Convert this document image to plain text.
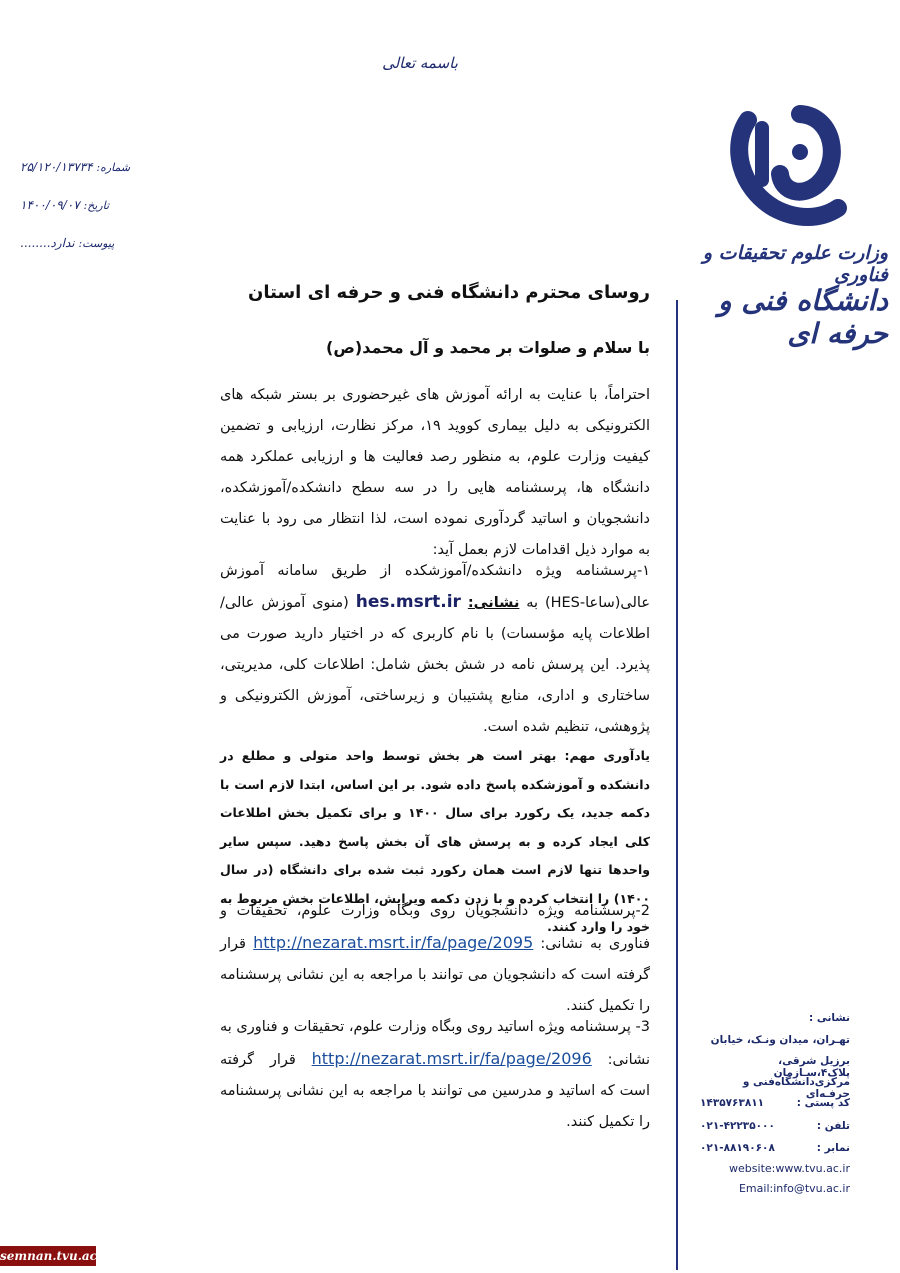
باسمه تعالی
شماره: ۲۵/۱۲۰/۱۳۷۳۴
تاریخ: ۱۴۰۰/۰۹/۰۷
پیوست: ندارد........	وزارت علوم تحقیقات و فناوری
دانشگاه فنی و حرفه ای
روسای محترم دانشگاه فنی و حرفه ای استان
با سلام و صلوات بر محمد و آل محمد(ص)
احتراماً، با عنایت به ارائه آموزش های غیرحضوری بر بستر شبکه های الکترونیکی به دلیل بیماری کووید ۱۹، مرکز نظارت، ارزیابی و تضمین کیفیت وزارت علوم، به منظور رصد فعالیت ها و ارزیابی عملکرد همه دانشگاه ها، پرسشنامه هایی را در سه سطح دانشکده/آموزشکده، دانشجویان و اساتید گردآوری نموده است، لذا انتظار می رود با عنایت به موارد ذیل اقدامات لازم بعمل آید:
۱-پرسشنامه ویژه دانشکده/آموزشکده از طریق سامانه آموزش عالی(ساعا-HES) به نشانی: hes.msrt.ir (منوی آموزش عالی/ اطلاعات پایه مؤسسات) با نام کاربری که در اختیار دارید صورت می پذیرد. این پرسش نامه در شش بخش شامل: اطلاعات کلی، مدیریتی، ساختاری و اداری، منابع پشتیبان و زیرساختی، آموزش الکترونیکی و پژوهشی، تنظیم شده است.
یادآوری مهم: بهتر است هر بخش توسط واحد متولی و مطلع در دانشکده و آموزشکده پاسخ داده شود. بر این اساس، ابتدا لازم است با دکمه جدید، یک رکورد برای سال ۱۴۰۰ و برای تکمیل بخش اطلاعات کلی ایجاد کرده و به پرسش های آن بخش پاسخ دهید. سپس سایر واحدها تنها لازم است همان رکورد ثبت شده برای دانشگاه (در سال ۱۴۰۰) را انتخاب کرده و با زدن دکمه ویرایش، اطلاعات بخش مربوط به خود را وارد کنند.
2-پرسشنامه ویژه دانشجویان روی وبگاه وزارت علوم، تحقیقات و فناوری به نشانی: http://nezarat.msrt.ir/fa/page/2095 قرار گرفته است که دانشجویان می توانند با مراجعه به این نشانی پرسشنامه را تکمیل کنند.
3- پرسشنامه ویژه اساتید روی وبگاه وزارت علوم، تحقیقات و فناوری به نشانی: http://nezarat.msrt.ir/fa/page/2096 قرار گرفته است که اساتید و مدرسین می توانند با مراجعه به این نشانی پرسشنامه را تکمیل کنند.
نشانی :
تهـران، میدان ونـک، خیابان
برزیل شرقی، پلاک۴،سـازمان
مرکزی‌دانشگاه‌فنی و حرفـه‌ای
کد پستی :
۱۴۳۵۷۶۳۸۱۱
تلفن :
۰۲۱-۴۲۲۳۵۰۰۰
نمابر :
۰۲۱-۸۸۱۹۰۶۰۸
website:www.tvu.ac.ir
Email:info@tvu.ac.ir
semnan.tvu.ac.ir
